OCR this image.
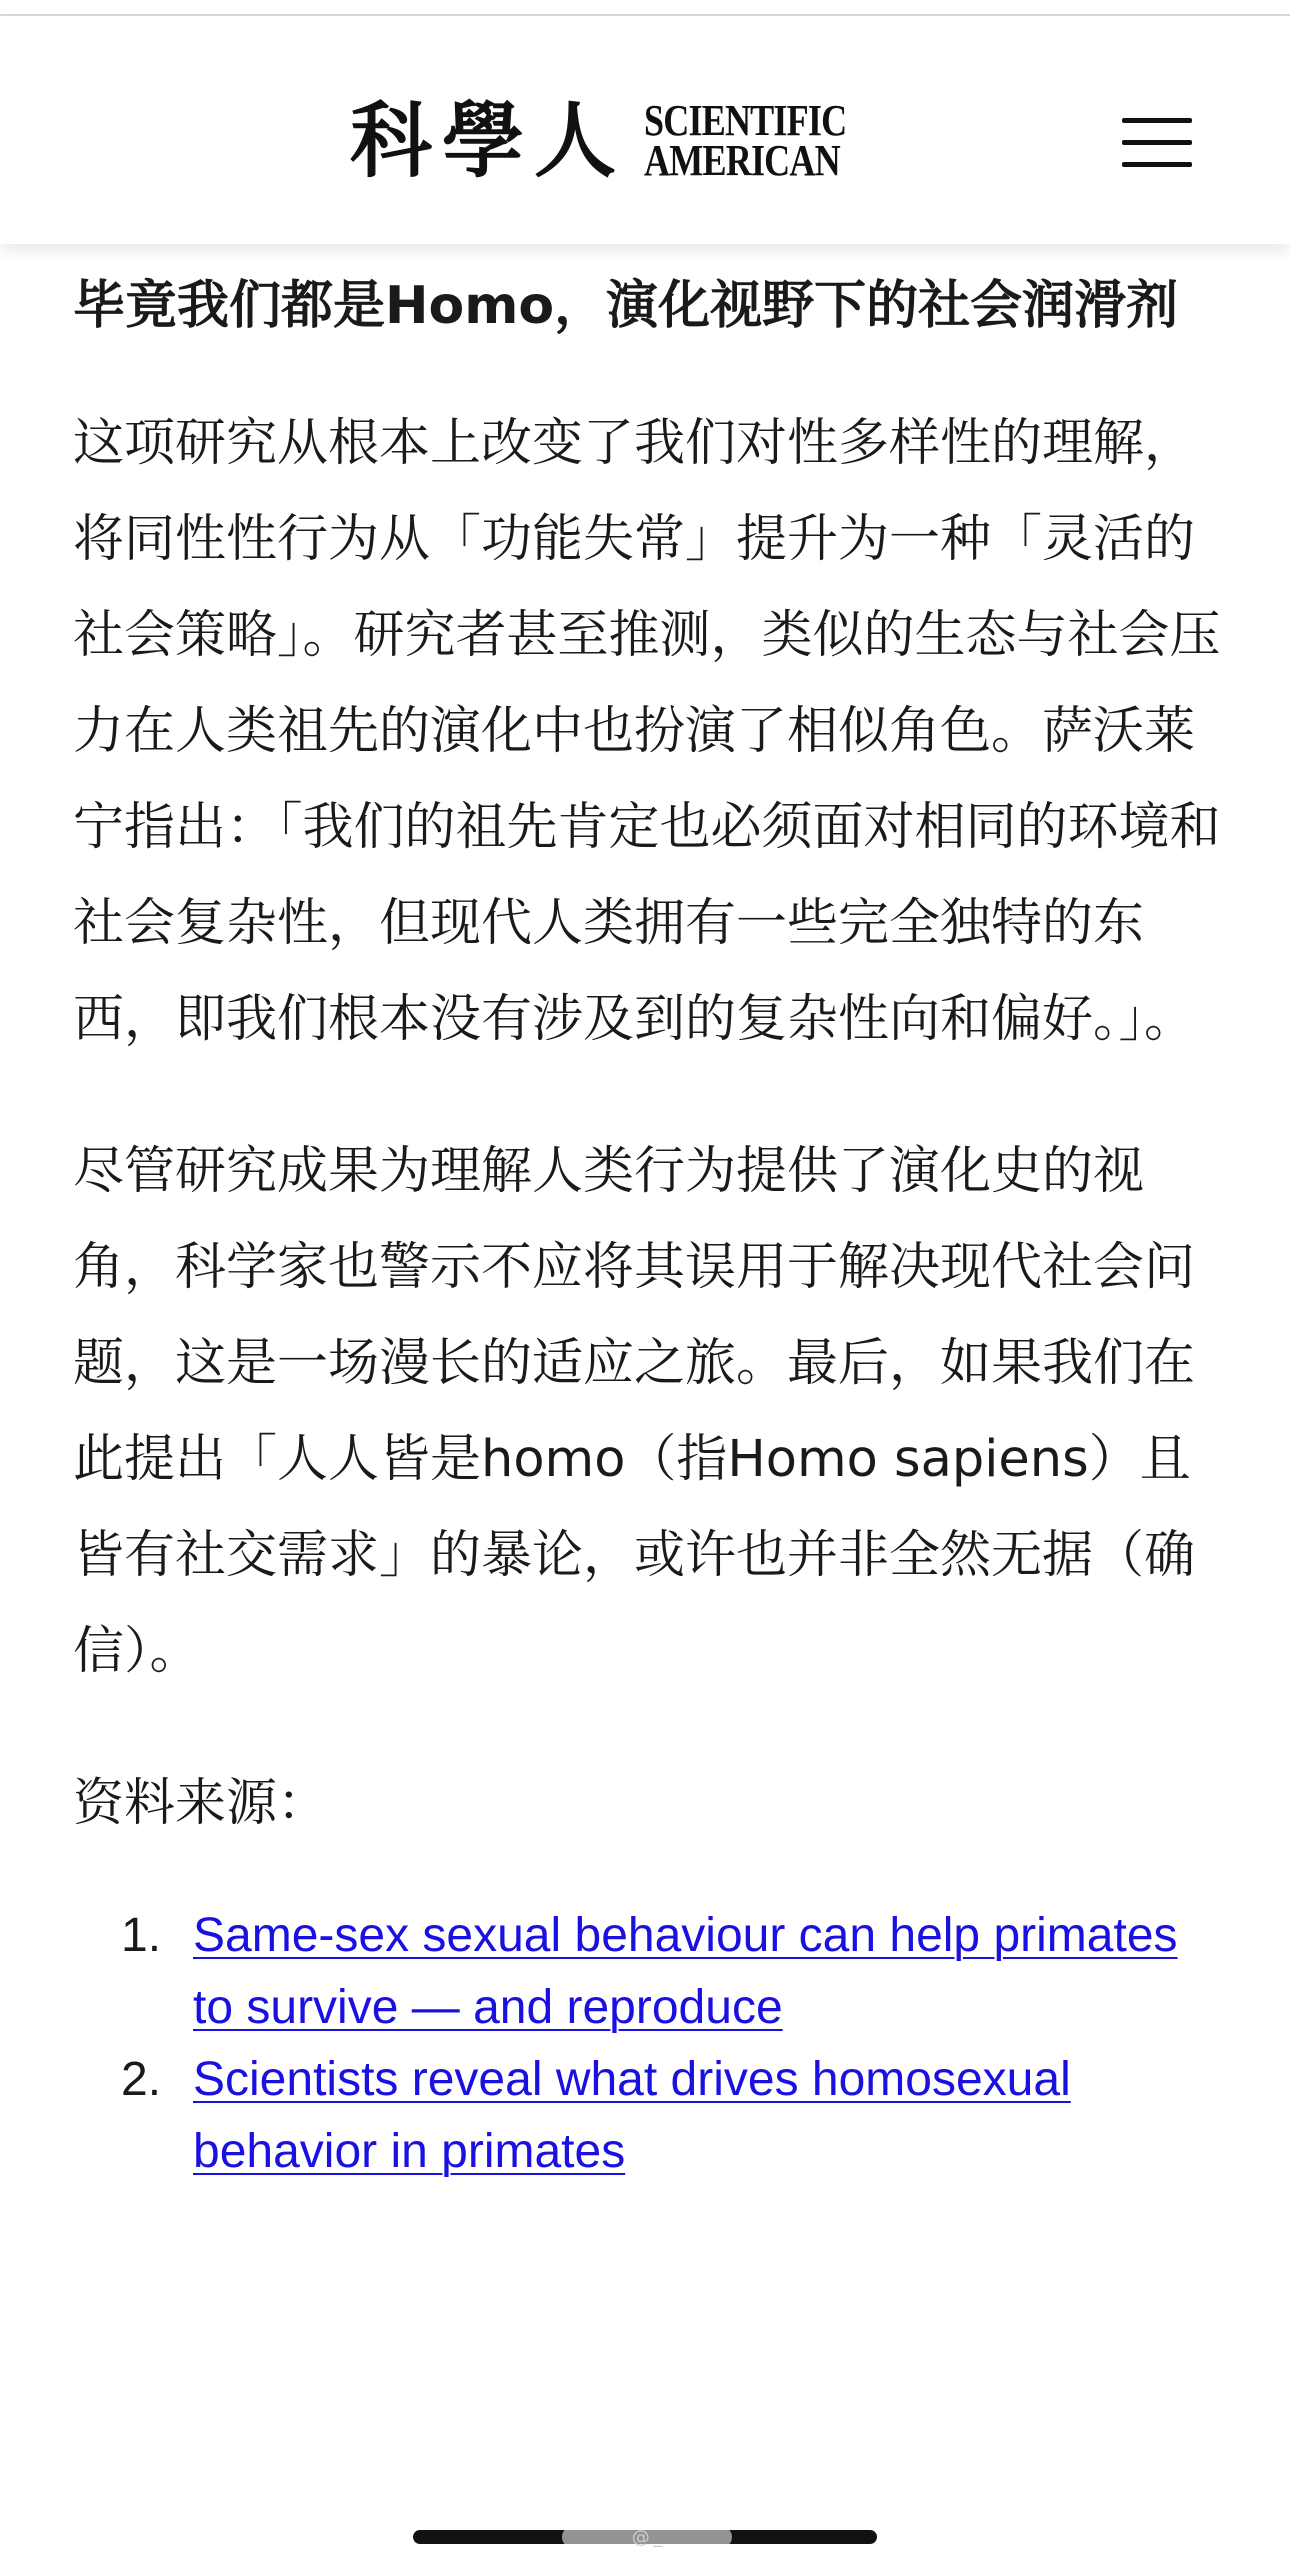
科學人 SCIENTIFIC
AMERICAN
毕竟我们都是Homo，演化视野下的社会润滑剂

这项研究从根本上改变了我们对性多样性的理解，将同性性行为从「功能失常」提升为一种「灵活的社会策略」。研究者甚至推测，类似的生态与社会压力在人类祖先的演化中也扮演了相似角色。萨沃莱宁指出：「我们的祖先肯定也必须面对相同的环境和社会复杂性，但现代人类拥有一些完全独特的东西，即我们根本没有涉及到的复杂性向和偏好。」。

尽管研究成果为理解人类行为提供了演化史的视角，科学家也警示不应将其误用于解决现代社会问题，这是一场漫长的适应之旅。最后，如果我们在此提出「人人皆是homo（指Homo sapiens）且皆有社交需求」的暴论，或许也并非全然无据（确信）。

资料来源：

1. Same-sex sexual behaviour can help primates to survive — and reproduce
2. Scientists reveal what drives homosexual behavior in primates
@ _
